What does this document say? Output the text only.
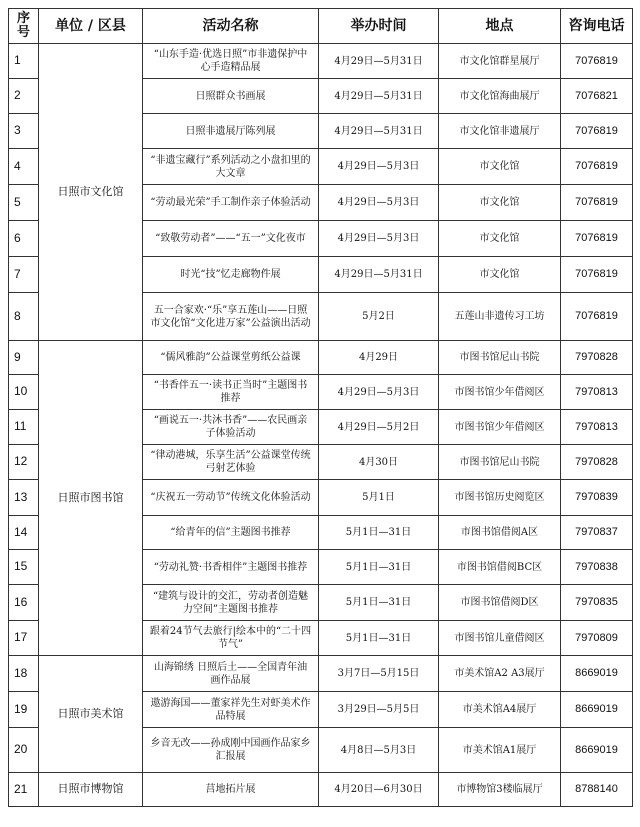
序号	单位 / 区县	活动名称	举办时间	地点	咨询电话
1	日照市文化馆	“山东手造·优选日照”市非遗保护中心手造精品展	4月29日—5月31日	市文化馆群星展厅	7076819
2		日照群众书画展	4月29日—5月31日	市文化馆海曲展厅	7076821
3		日照非遗展厅陈列展	4月29日—5月31日	市文化馆非遗展厅	7076819
4		“非遗宝藏行”系列活动之小盘扣里的大文章	4月29日—5月3日	市文化馆	7076819
5		“劳动最光荣”手工制作亲子体验活动	4月29日—5月3日	市文化馆	7076819
6		“致敬劳动者”——“五一”文化夜市	4月29日—5月3日	市文化馆	7076819
7		时光“技”忆走廊物件展	4月29日—5月31日	市文化馆	7076819
8		五一合家欢·“乐”享五莲山——日照市文化馆“文化进万家”公益演出活动	5月2日	五莲山非遗传习工坊	7076819
9	日照市图书馆	“儒风雅韵”公益课堂剪纸公益课	4月29日	市图书馆尼山书院	7970828
10		“书香伴五一·读书正当时”主题图书推荐	4月29日—5月3日	市图书馆少年借阅区	7970813
11		“画说五一·共沐书香”——农民画亲子体验活动	4月29日—5月2日	市图书馆少年借阅区	7970813
12		“律动港城，乐享生活”公益课堂传统弓射艺体验	4月30日	市图书馆尼山书院	7970828
13		“庆祝五一劳动节”传统文化体验活动	5月1日	市图书馆历史阅览区	7970839
14		“给青年的信”主题图书推荐	5月1日—31日	市图书馆借阅A区	7970837
15		“劳动礼赞·书香相伴”主题图书推荐	5月1日—31日	市图书馆借阅BC区	7970838
16		“建筑与设计的交汇，劳动者创造魅力空间”主题图书推荐	5月1日—31日	市图书馆借阅D区	7970835
17		跟着24节气去旅行|绘本中的“二十四节气”	5月1日—31日	市图书馆儿童借阅区	7970809
18	日照市美术馆	山海锦绣 日照后土——全国青年油画作品展	3月7日—5月15日	市美术馆A2 A3展厅	8669019
19		遨游海国——董家祥先生对虾美术作品特展	3月29日—5月5日	市美术馆A4展厅	8669019
20		乡音无改——孙成刚中国画作品家乡汇报展	4月8日—5月3日	市美术馆A1展厅	8669019
21	日照市博物馆	莒地拓片展	4月20日—6月30日	市博物馆3楼临展厅	8788140
